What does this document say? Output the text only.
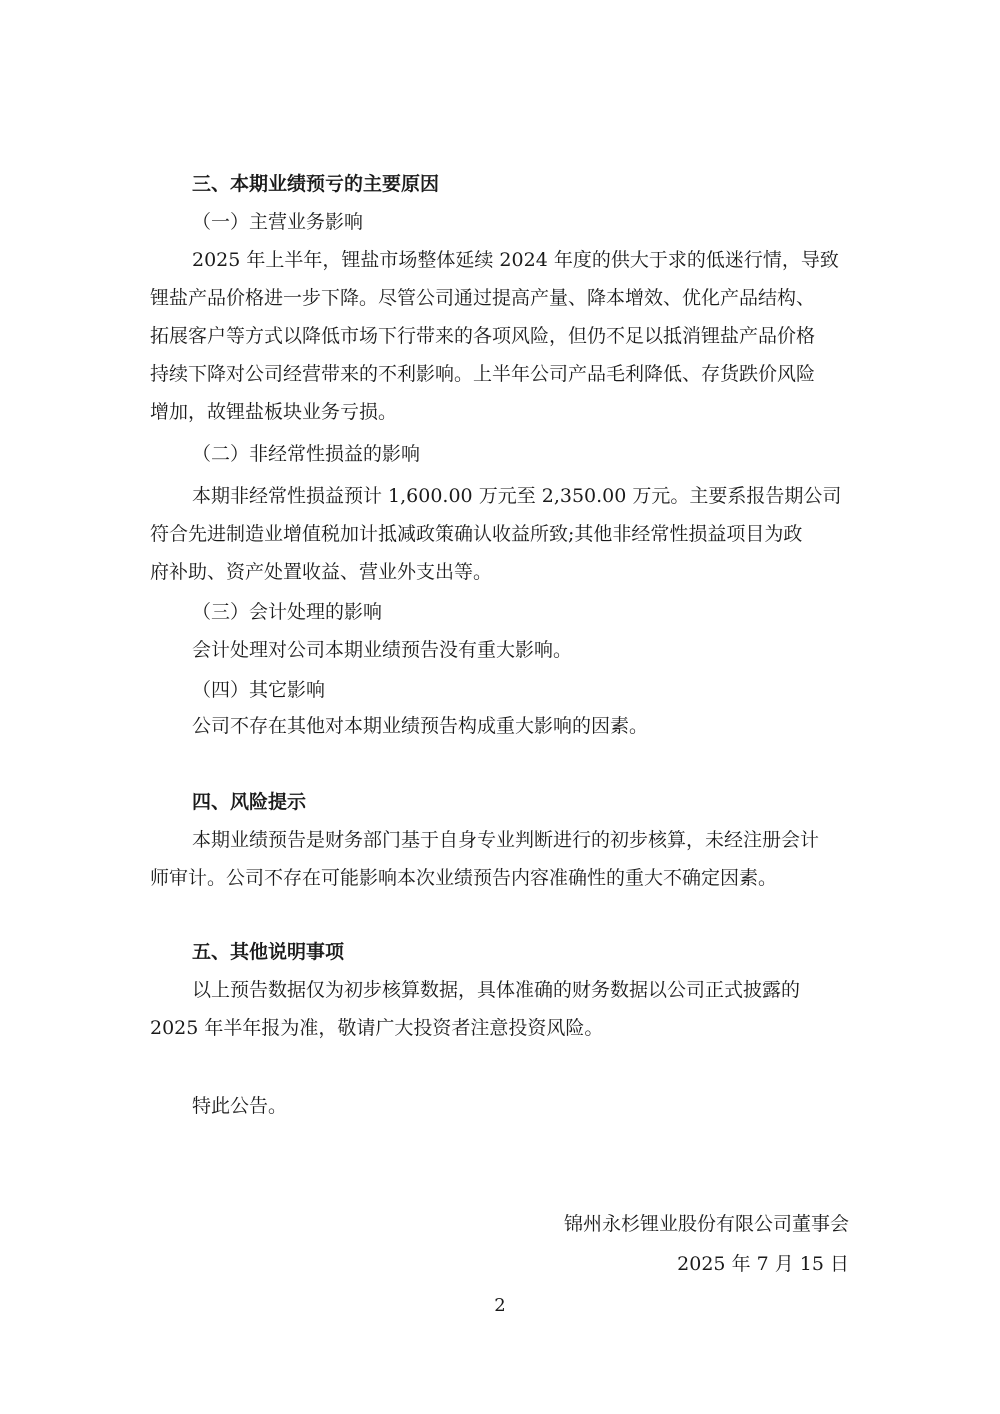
三、本期业绩预亏的主要原因

（一）主营业务影响

2025 年上半年，锂盐市场整体延续 2024 年度的供大于求的低迷行情，导致

锂盐产品价格进一步下降。尽管公司通过提高产量、降本增效、优化产品结构、

拓展客户等方式以降低市场下行带来的各项风险，但仍不足以抵消锂盐产品价格

持续下降对公司经营带来的不利影响。上半年公司产品毛利降低、存货跌价风险

增加，故锂盐板块业务亏损。

（二）非经常性损益的影响

本期非经常性损益预计 1,600.00 万元至 2,350.00 万元。主要系报告期公司

符合先进制造业增值税加计抵减政策确认收益所致;其他非经常性损益项目为政

府补助、资产处置收益、营业外支出等。

（三）会计处理的影响

会计处理对公司本期业绩预告没有重大影响。

（四）其它影响

公司不存在其他对本期业绩预告构成重大影响的因素。

四、风险提示

本期业绩预告是财务部门基于自身专业判断进行的初步核算，未经注册会计

师审计。公司不存在可能影响本次业绩预告内容准确性的重大不确定因素。

五、其他说明事项

以上预告数据仅为初步核算数据，具体准确的财务数据以公司正式披露的

2025 年半年报为准，敬请广大投资者注意投资风险。

特此公告。

锦州永杉锂业股份有限公司董事会

2025 年 7 月 15 日

2
